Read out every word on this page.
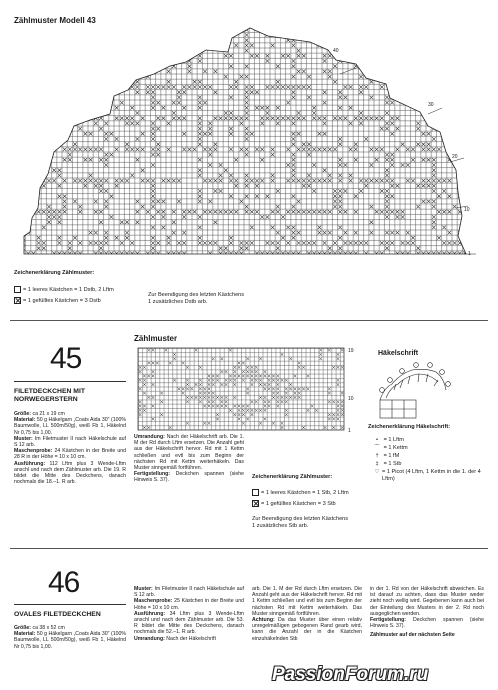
Zählmuster Modell 43
40
30
20
10
1
Zeichenerklärung Zählmuster:
= 1 leeres Kästchen = 1 Dstb, 2 Lftm
= 1 gefülltes Kästchen = 3 Dstb
Zur Beendigung des letzten Kästchens
1 zusätzliches Dstb arb.
45
FILETDECKCHEN MIT
NORWEGERSTERN

Größe: ca 21 x 19 cm

Material: 50 g Häkelgarn „Coats Aida 30" (100% Baumwolle, LL 500m/50g), weiß Fb 1, Häkelnd Nr 0,75 bis 1,00.

Muster: Im Filetmuster II nach Häkelschule auf S 12 arb.

Maschenprobe: 24 Kästchen in der Breite und 28 R in der Höhe = 10 x 10 cm.

Ausführung: 112 Lftm plus 3 Wende-Lftm anschl und nach dem Zählmuster arb. Die 19. R bildet die Mitte des Deckchens, danach nochmals die 18.–1. R arb.

Zählmuster
19
10
1

Umrandung: Nach der Häkelschrift arb. Die 1. M der Rd durch Lftm ersetzen. Die Anzahl geht aus der Häkelschrift hervor. Rd mit 1 Kettm schließen und evtl bis zum Beginn der nächsten Rd mit Kettm weiterhäkeln. Das Muster sinngemäß fortführen.

Fertigstellung: Deckchen spannen (siehe Hinweis S. 37).

Zeichenerklärung Zählmuster:
= 1 leeres Kästchen = 1 Stb, 2 Lftm
= 1 gefülltes Kästchen = 3 Stb
Zur Beendigung des letzten Kästchens
1 zusätzliches Stb arb.
Häkelschrift
Zeichenerklärung Häkelschrift:
• = 1 Lftm
⌒ = 1 Kettm
† = 1 fM
‡ = 1 Stb
♡ = 1 Picot (4 Lftm, 1 Kettm in die 1. der 4 Lftm)
46
OVALES FILETDECKCHEN

Größe: ca 38 x 52 cm

Material: 50 g Häkelgarn „Coats Aida 30" (100% Baumwolle, LL 500m/50g), weiß Fb 1, Häkelnd Nr 0,75 bis 1,00.

Muster: Im Filetmuster II nach Häkelschule auf S 12 arb.

Maschenprobe: 25 Kästchen in der Breite und Höhe = 10 x 10 cm.

Ausführung: 34 Lftm plus 3 Wende-Lftm anschl und nach dem Zählmuster arb. Die 53. R bildet die Mitte des Deckchens, danach nochmals die 52.–1. R arb.

Umrandung: Nach der Häkelschrift

arb. Die 1. M der Rd durch Lftm ersetzen. Die Anzahl geht aus der Häkelschrift hervor. Rd mit 1 Kettm schließen und evtl bis zum Beginn der nächsten Rd mit Kettm weiterhäkeln. Das Muster sinngemäß fortführen.

Achtung: Da das Muster über einen relativ unregelmäßigen gebogenen Rand gearb wird, kann die Anzahl der in die Kästchen einzuhäkelnden Stb

in der 1. Rd von der Häkelschrift abweichen. Es ist darauf zu achten, dass das Muster weder zieht noch wellig wird. Gegebenen kann auch bei der Einteilung des Musters in der 2. Rd noch ausgeglichen werden.

Fertigstellung: Deckchen spannen (siehe Hinweis S. 37).

Zählmuster auf der nächsten Seite

PassionForum.ru
